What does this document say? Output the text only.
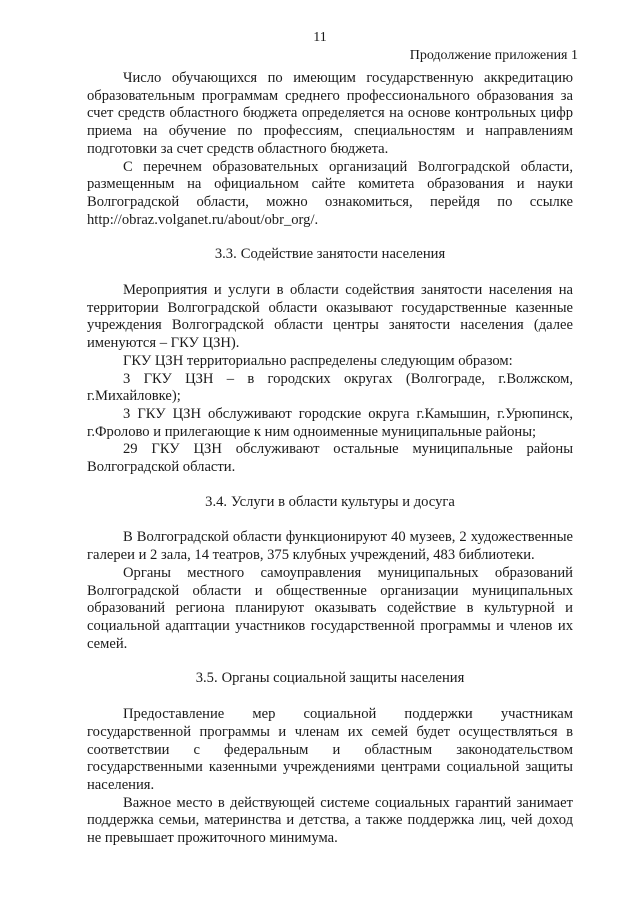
11
Продолжение приложения 1

Число обучающихся по имеющим государственную аккредитацию образовательным программам среднего профессионального образования за счет средств областного бюджета определяется на основе контрольных цифр приема на обучение по профессиям, специальностям и направлениям подготовки за счет средств областного бюджета.

С перечнем образовательных организаций Волгоградской области, размещенным на официальном сайте комитета образования и науки Волгоградской области, можно ознакомиться, перейдя по ссылке http://obraz.volganet.ru/about/obr_org/.

3.3. Содействие занятости населения

Мероприятия и услуги в области содействия занятости населения на территории Волгоградской области оказывают государственные казенные учреждения Волгоградской области центры занятости населения (далее именуются – ГКУ ЦЗН).

ГКУ ЦЗН территориально распределены следующим образом:

3 ГКУ ЦЗН – в городских округах (Волгограде, г.Волжском, г.Михайловке);

3 ГКУ ЦЗН обслуживают городские округа г.Камышин, г.Урюпинск, г.Фролово и прилегающие к ним одноименные муниципальные районы;

29 ГКУ ЦЗН обслуживают остальные муниципальные районы Волгоградской области.

3.4. Услуги в области культуры и досуга

В Волгоградской области функционируют 40 музеев, 2 художественные галереи и 2 зала, 14 театров, 375 клубных учреждений, 483 библиотеки.

Органы местного самоуправления муниципальных образований Волгоградской области и общественные организации муниципальных образований региона планируют оказывать содействие в культурной и социальной адаптации участников государственной программы и членов их семей.

3.5. Органы социальной защиты населения

Предоставление мер социальной поддержки участникам государственной программы и членам их семей будет осуществляться в соответствии с федеральным и областным законодательством государственными казенными учреждениями центрами социальной защиты населения.

Важное место в действующей системе социальных гарантий занимает поддержка семьи, материнства и детства, а также поддержка лиц, чей доход не превышает прожиточного минимума.
